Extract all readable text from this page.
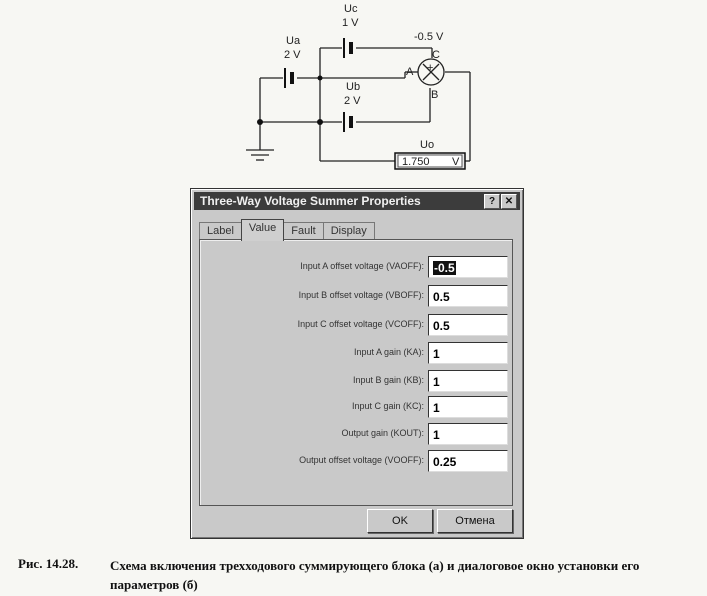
Uc
1 V
Ua
2 V
Ub
2 V
Uo
1.750 V
-0.5 V
A
B
C
+
Three-Way Voltage Summer Properties	? ✕
Label	Value	Fault	Display
Input A offset voltage (VAOFF): -0.5
Input B offset voltage (VBOFF): 0.5
Input C offset voltage (VCOFF): 0.5
Input A gain (KA): 1
Input B gain (KB): 1
Input C gain (KC): 1
Output gain (KOUT): 1
Output offset voltage (VOOFF): 0.25
OK	Отмена
Рис. 14.28. Схема включения трехходового суммирующего блока (а) и диалоговое окно установки его параметров (б)
